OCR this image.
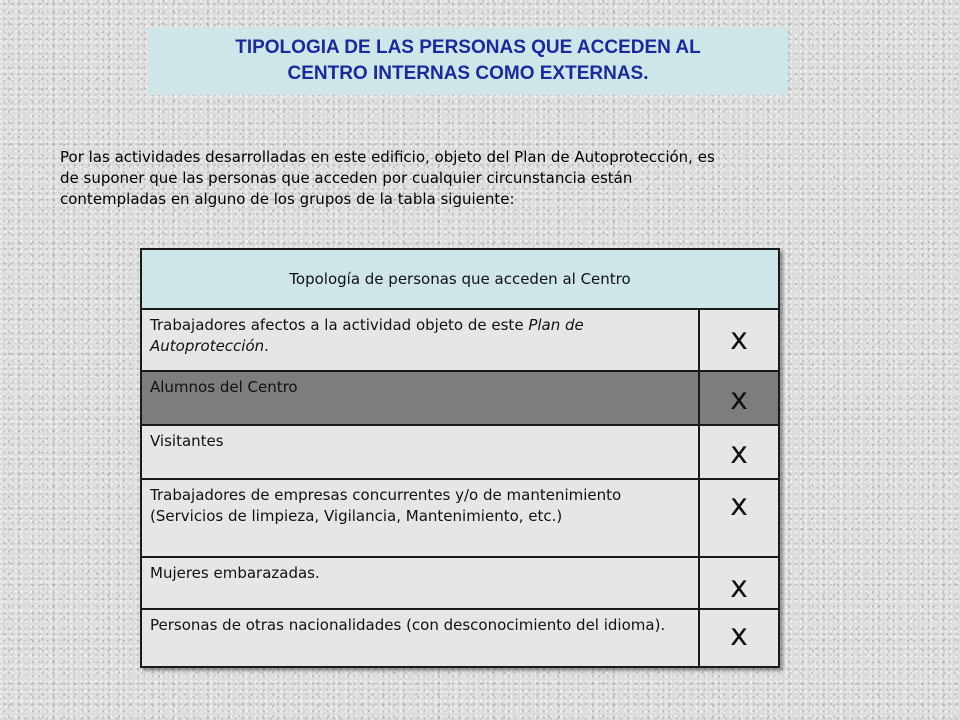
TIPOLOGIA DE LAS PERSONAS QUE ACCEDEN AL
CENTRO INTERNAS COMO EXTERNAS.
Por las actividades desarrolladas en este edificio, objeto del Plan de Autoprotección, es
de suponer que las personas que acceden por cualquier circunstancia están
contempladas en alguno de los grupos de la tabla siguiente:
Topología de personas que acceden al Centro
Trabajadores afectos a la actividad objeto de este Plan de Autoprotección.	x
Alumnos del Centro	x
Visitantes	x
Trabajadores de empresas concurrentes y/o de mantenimiento (Servicios de limpieza, Vigilancia, Mantenimiento, etc.)	x
Mujeres embarazadas.	x
Personas de otras nacionalidades (con desconocimiento del idioma).	x
